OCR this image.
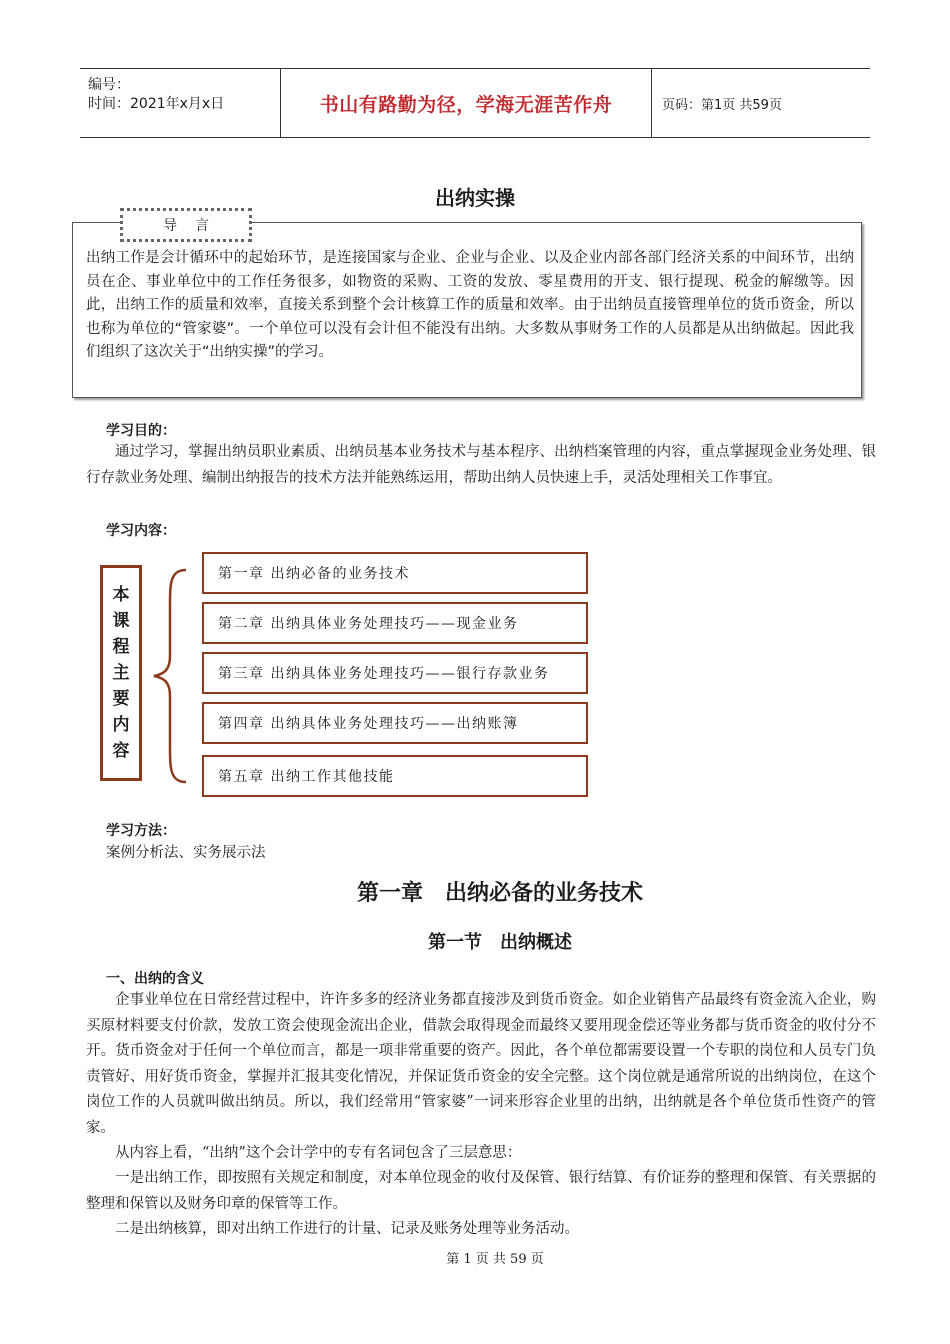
编号：
时间：2021年x月x日	书山有路勤为径，学海无涯苦作舟	页码：第1页 共59页
出纳实操
导言
出纳工作是会计循环中的起始环节，是连接国家与企业、企业与企业、以及企业内部各部门经济关系的中间环节，出纳员在企、事业单位中的工作任务很多，如物资的采购、工资的发放、零星费用的开支、银行提现、税金的解缴等。因此，出纳工作的质量和效率，直接关系到整个会计核算工作的质量和效率。由于出纳员直接管理单位的货币资金，所以也称为单位的“管家婆”。一个单位可以没有会计但不能没有出纳。大多数从事财务工作的人员都是从出纳做起。因此我们组织了这次关于“出纳实操”的学习。
学习目的：
通过学习，掌握出纳员职业素质、出纳员基本业务技术与基本程序、出纳档案管理的内容，重点掌握现金业务处理、银行存款业务处理、编制出纳报告的技术方法并能熟练运用，帮助出纳人员快速上手，灵活处理相关工作事宜。
学习内容：
本
课
程
主
要
内
容
第一章 出纳必备的业务技术
第二章 出纳具体业务处理技巧——现金业务
第三章 出纳具体业务处理技巧——银行存款业务
第四章 出纳具体业务处理技巧——出纳账簿
第五章 出纳工作其他技能
学习方法：
案例分析法、实务展示法
第一章　出纳必备的业务技术
第一节　出纳概述
一、出纳的含义
企事业单位在日常经营过程中，许许多多的经济业务都直接涉及到货币资金。如企业销售产品最终有资金流入企业，购买原材料要支付价款，发放工资会使现金流出企业，借款会取得现金而最终又要用现金偿还等业务都与货币资金的收付分不开。货币资金对于任何一个单位而言，都是一项非常重要的资产。因此，各个单位都需要设置一个专职的岗位和人员专门负责管好、用好货币资金，掌握并汇报其变化情况，并保证货币资金的安全完整。这个岗位就是通常所说的出纳岗位，在这个岗位工作的人员就叫做出纳员。所以，我们经常用“管家婆”一词来形容企业里的出纳，出纳就是各个单位货币性资产的管家。
从内容上看，“出纳”这个会计学中的专有名词包含了三层意思：
一是出纳工作，即按照有关规定和制度，对本单位现金的收付及保管、银行结算、有价证券的整理和保管、有关票据的整理和保管以及财务印章的保管等工作。
二是出纳核算，即对出纳工作进行的计量、记录及账务处理等业务活动。
第 1 页 共 59 页
